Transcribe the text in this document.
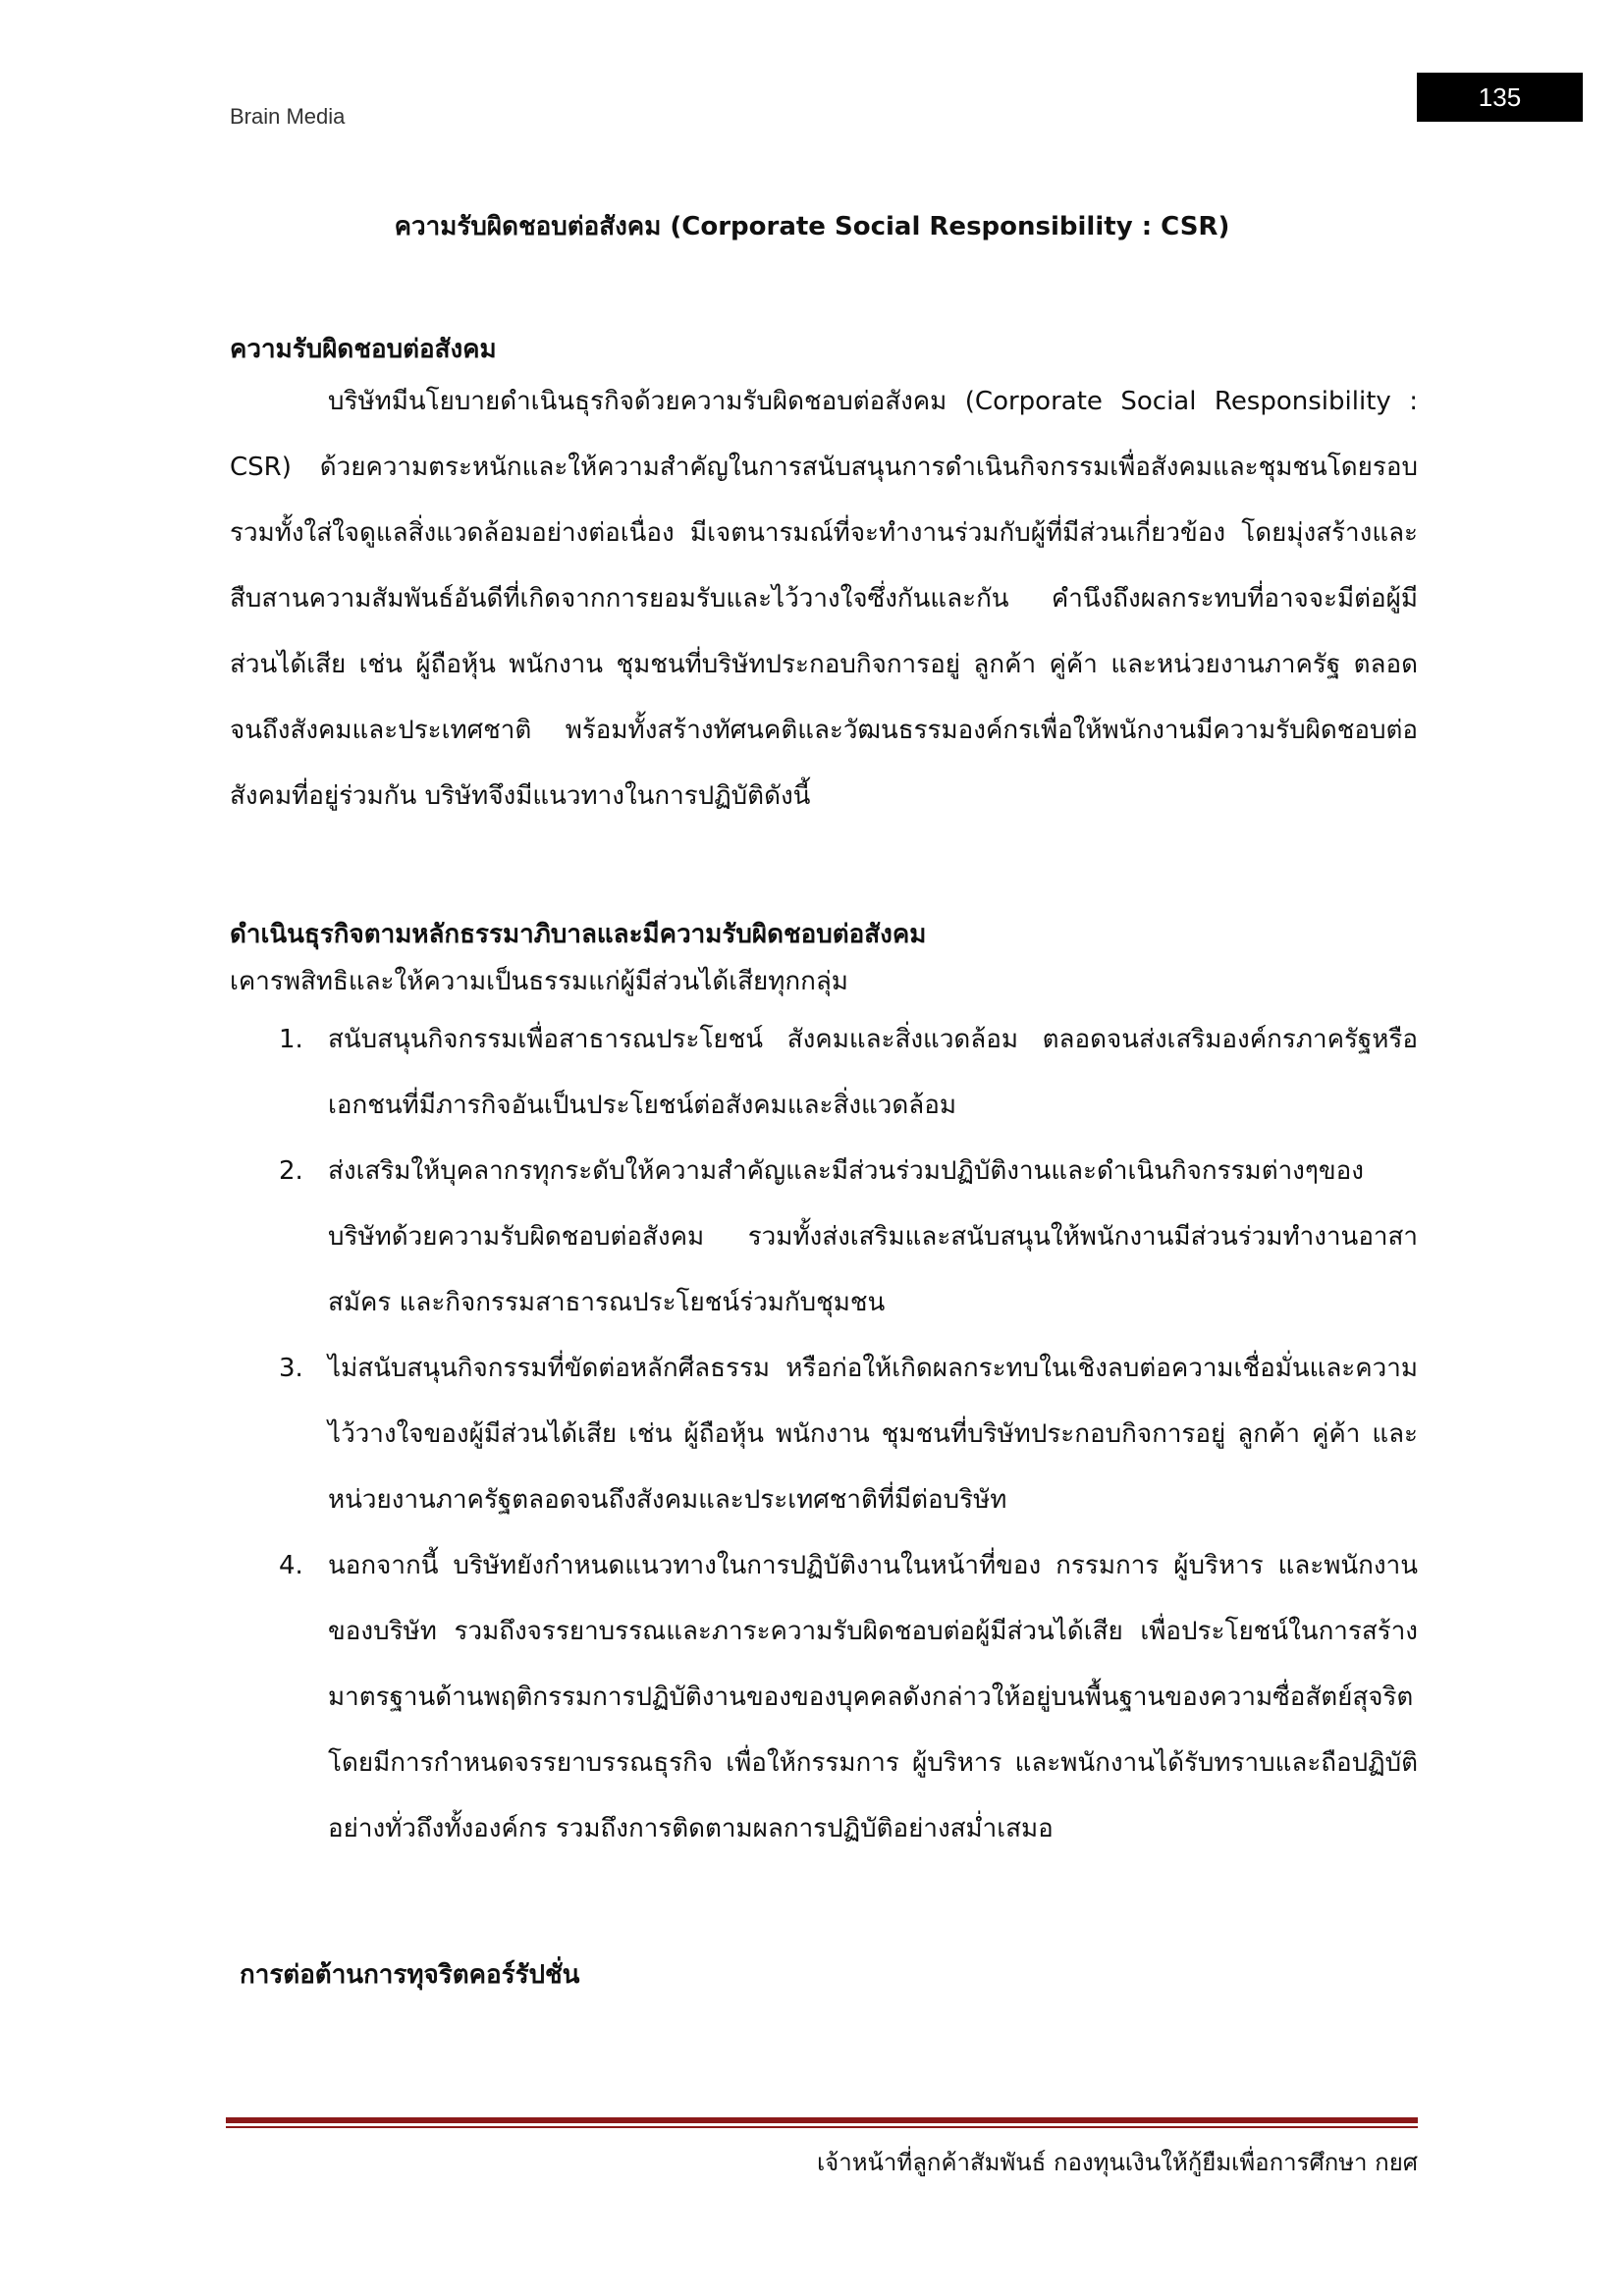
Brain Media
135
ความรับผิดชอบต่อสังคม (Corporate Social Responsibility : CSR)
ความรับผิดชอบต่อสังคม

บริษัทมีนโยบายดำเนินธุรกิจด้วยความรับผิดชอบต่อสังคม (Corporate Social Responsibility : CSR) ด้วยความตระหนักและให้ความสำคัญในการสนับสนุนการดำเนินกิจกรรมเพื่อสังคมและชุมชนโดยรอบ รวมทั้งใส่ใจดูแลสิ่งแวดล้อมอย่างต่อเนื่อง มีเจตนารมณ์ที่จะทำงานร่วมกับผู้ที่มีส่วนเกี่ยวข้อง โดยมุ่งสร้างและสืบสานความสัมพันธ์อันดีที่เกิดจากการยอมรับและไว้วางใจซึ่งกันและกัน คำนึงถึงผลกระทบที่อาจจะมีต่อผู้มีส่วนได้เสีย เช่น ผู้ถือหุ้น พนักงาน ชุมชนที่บริษัทประกอบกิจการอยู่ ลูกค้า คู่ค้า และหน่วยงานภาครัฐ ตลอดจนถึงสังคมและประเทศชาติ พร้อมทั้งสร้างทัศนคติและวัฒนธรรมองค์กรเพื่อให้พนักงานมีความรับผิดชอบต่อสังคมที่อยู่ร่วมกัน บริษัทจึงมีแนวทางในการปฏิบัติดังนี้

ดำเนินธุรกิจตามหลักธรรมาภิบาลและมีความรับผิดชอบต่อสังคม
เคารพสิทธิและให้ความเป็นธรรมแก่ผู้มีส่วนได้เสียทุกกลุ่ม
1. สนับสนุนกิจกรรมเพื่อสาธารณประโยชน์ สังคมและสิ่งแวดล้อม ตลอดจนส่งเสริมองค์กรภาครัฐหรือเอกชนที่มีภารกิจอันเป็นประโยชน์ต่อสังคมและสิ่งแวดล้อม
2. ส่งเสริมให้บุคลากรทุกระดับให้ความสำคัญและมีส่วนร่วมปฏิบัติงานและดำเนินกิจกรรมต่างๆของบริษัทด้วยความรับผิดชอบต่อสังคม รวมทั้งส่งเสริมและสนับสนุนให้พนักงานมีส่วนร่วมทำงานอาสาสมัคร และกิจกรรมสาธารณประโยชน์ร่วมกับชุมชน
3. ไม่สนับสนุนกิจกรรมที่ขัดต่อหลักศีลธรรม หรือก่อให้เกิดผลกระทบในเชิงลบต่อความเชื่อมั่นและความไว้วางใจของผู้มีส่วนได้เสีย เช่น ผู้ถือหุ้น พนักงาน ชุมชนที่บริษัทประกอบกิจการอยู่ ลูกค้า คู่ค้า และหน่วยงานภาครัฐตลอดจนถึงสังคมและประเทศชาติที่มีต่อบริษัท
4. นอกจากนี้ บริษัทยังกำหนดแนวทางในการปฏิบัติงานในหน้าที่ของ กรรมการ ผู้บริหาร และพนักงานของบริษัท รวมถึงจรรยาบรรณและภาระความรับผิดชอบต่อผู้มีส่วนได้เสีย เพื่อประโยชน์ในการสร้างมาตรฐานด้านพฤติกรรมการปฏิบัติงานของของบุคคลดังกล่าวให้อยู่บนพื้นฐานของความซื่อสัตย์สุจริต โดยมีการกำหนดจรรยาบรรณธุรกิจ เพื่อให้กรรมการ ผู้บริหาร และพนักงานได้รับทราบและถือปฏิบัติอย่างทั่วถึงทั้งองค์กร รวมถึงการติดตามผลการปฏิบัติอย่างสม่ำเสมอ
การต่อต้านการทุจริตคอร์รัปชั่น
เจ้าหน้าที่ลูกค้าสัมพันธ์ กองทุนเงินให้กู้ยืมเพื่อการศึกษา กยศ
